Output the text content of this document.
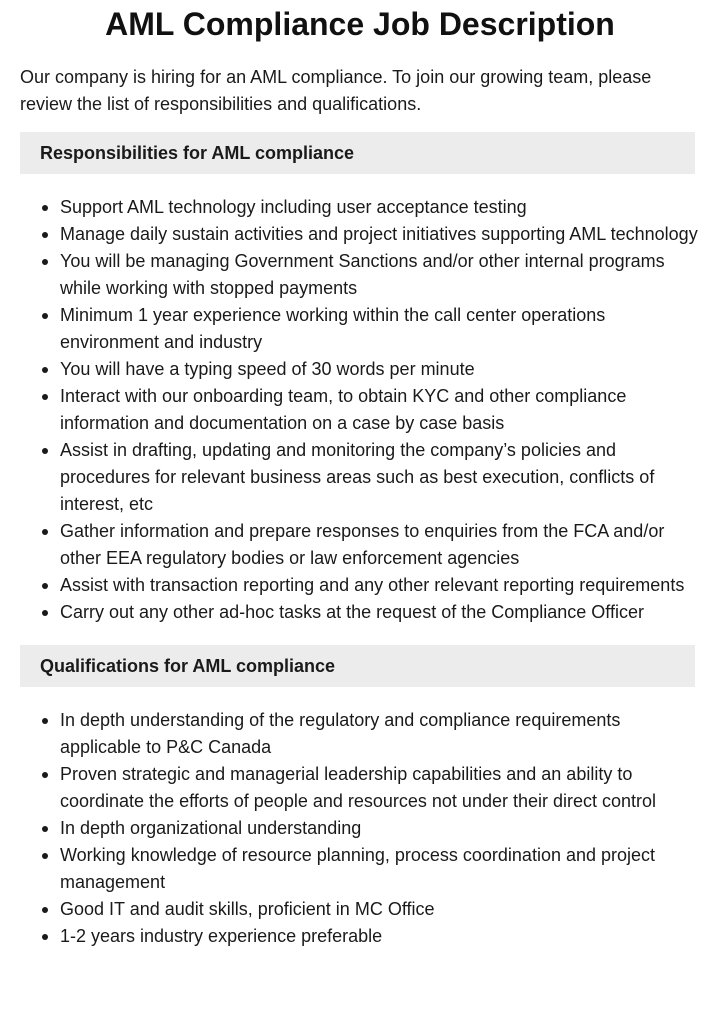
AML Compliance Job Description

Our company is hiring for an AML compliance. To join our growing team, please review the list of responsibilities and qualifications.

Responsibilities for AML compliance
Support AML technology including user acceptance testing
Manage daily sustain activities and project initiatives supporting AML technology
You will be managing Government Sanctions and/or other internal programs while working with stopped payments
Minimum 1 year experience working within the call center operations environment and industry
You will have a typing speed of 30 words per minute
Interact with our onboarding team, to obtain KYC and other compliance information and documentation on a case by case basis
Assist in drafting, updating and monitoring the company’s policies and procedures for relevant business areas such as best execution, conflicts of interest, etc
Gather information and prepare responses to enquiries from the FCA and/or other EEA regulatory bodies or law enforcement agencies
Assist with transaction reporting and any other relevant reporting requirements
Carry out any other ad-hoc tasks at the request of the Compliance Officer
Qualifications for AML compliance
In depth understanding of the regulatory and compliance requirements applicable to P&C Canada
Proven strategic and managerial leadership capabilities and an ability to coordinate the efforts of people and resources not under their direct control
In depth organizational understanding
Working knowledge of resource planning, process coordination and project management
Good IT and audit skills, proficient in MC Office
1-2 years industry experience preferable
